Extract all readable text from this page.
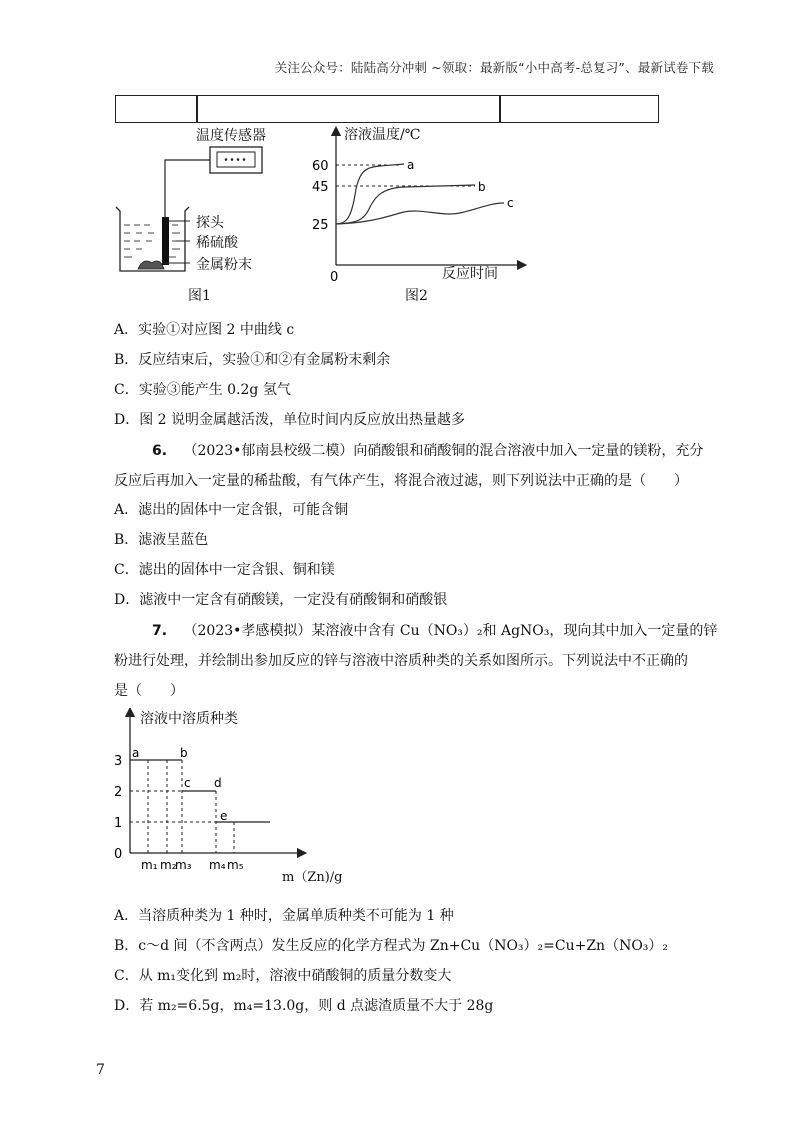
关注公众号：陆陆高分冲刺 ~领取：最新版“小中高考-总复习”、最新试卷下载
温度传感器
探头
稀硫酸
金属粉末
图1
60
45
25
0
a
b
c
溶液温度/℃
反应时间
图2
A．实验①对应图 2 中曲线 c
B．反应结束后，实验①和②有金属粉末剩余
C．实验③能产生 0.2g 氢气
D．图 2 说明金属越活泼，单位时间内反应放出热量越多
6. （2023•郁南县校级二模）向硝酸银和硝酸铜的混合溶液中加入一定量的镁粉，充分
反应后再加入一定量的稀盐酸，有气体产生，将混合液过滤，则下列说法中正确的是（　　）
A．滤出的固体中一定含银，可能含铜
B．滤液呈蓝色
C．滤出的固体中一定含银、铜和镁
D．滤液中一定含有硝酸镁，一定没有硝酸铜和硝酸银
7. （2023•孝感模拟）某溶液中含有 Cu（NO₃）₂和 AgNO₃，现向其中加入一定量的锌
粉进行处理，并绘制出参加反应的锌与溶液中溶质种类的关系如图所示。下列说法中不正确的
是（　　）
3
2
1
0
m₁ m₂
m₃ m₄ m₅
a	b
c d
e
溶液中溶质种类
m（Zn)/g
A．当溶质种类为 1 种时，金属单质种类不可能为 1 种
B．c～d 间（不含两点）发生反应的化学方程式为 Zn+Cu（NO₃）₂=Cu+Zn（NO₃）₂
C．从 m₁变化到 m₂时，溶液中硝酸铜的质量分数变大
D．若 m₂=6.5g，m₄=13.0g，则 d 点滤渣质量不大于 28g
7
